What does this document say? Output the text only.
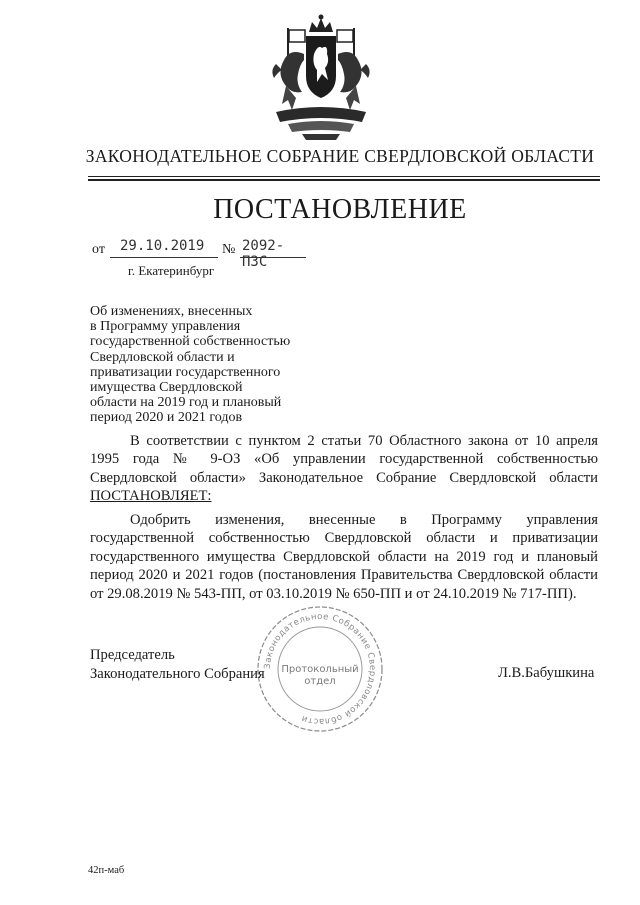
ЗАКОНОДАТЕЛЬНОЕ СОБРАНИЕ СВЕРДЛОВСКОЙ ОБЛАСТИ
ПОСТАНОВЛЕНИЕ
от 29.10.2019 № 2092-ПЗС
г. Екатеринбург
Об изменениях, внесенных
в Программу управления
государственной собственностью
Свердловской области и
приватизации государственного
имущества Свердловской
области на 2019 год и плановый
период 2020 и 2021 годов
В соответствии с пунктом 2 статьи 70 Областного закона от 10 апреля 1995 года № 9-ОЗ «Об управлении государственной собственностью Свердловской области» Законодательное Собрание Свердловской области ПОСТАНОВЛЯЕТ:
Одобрить изменения, внесенные в Программу управления государственной собственностью Свердловской области и приватизации государственного имущества Свердловской области на 2019 год и плановый период 2020 и 2021 годов (постановления Правительства Свердловской области от 29.08.2019 № 543-ПП, от 03.10.2019 № 650-ПП и от 24.10.2019 № 717-ПП).
Законодательное Собрание Свердловской области
Протокольный
отдел
Председатель
Законодательного Собрания	Л.В.Бабушкина
42п-маб
